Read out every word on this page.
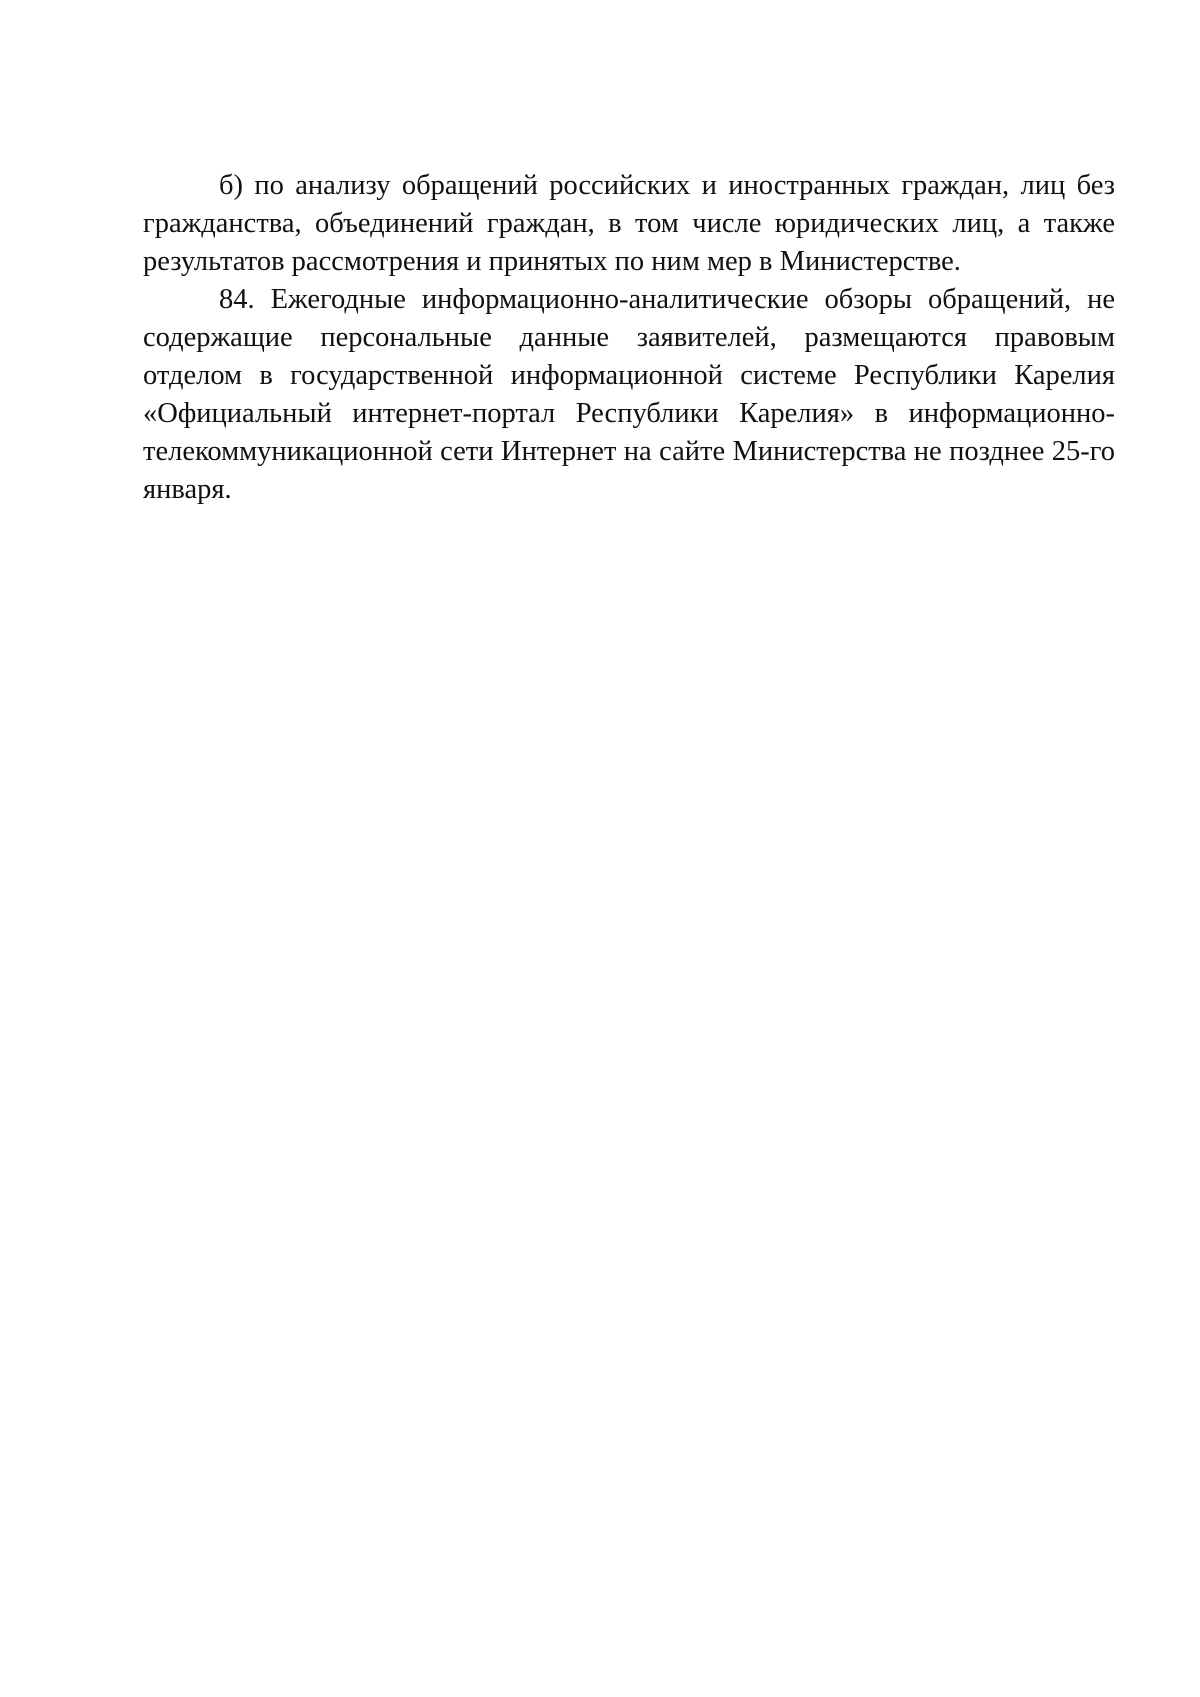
б) по анализу обращений российских и иностранных граждан, лиц без гражданства, объединений граждан, в том числе юридических лиц, а также результатов рассмотрения и принятых по ним мер в Министерстве.

84. Ежегодные информационно-аналитические обзоры обращений, не содержащие персональные данные заявителей, размещаются правовым отделом в государственной информационной системе Республики Карелия «Официальный интернет-портал Республики Карелия» в информационно-телекоммуникационной сети Интернет на сайте Министерства не позднее 25-го января.
